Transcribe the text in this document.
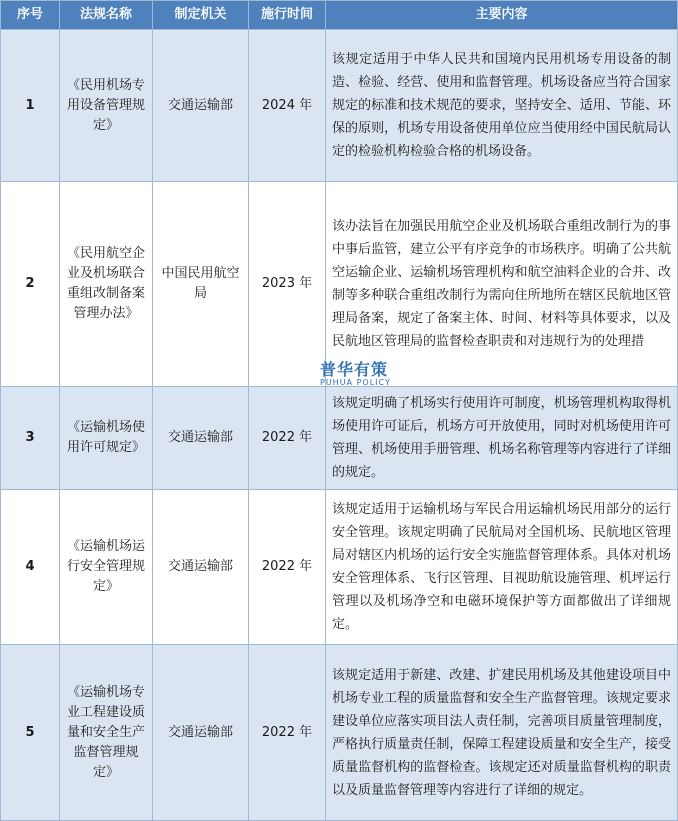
序号	法规名称	制定机关	施行时间	主要内容
1	《民用机场专用设备管理规定》	交通运输部	2024 年	该规定适用于中华人民共和国境内民用机场专用设备的制造、检验、经营、使用和监督管理。机场设备应当符合国家规定的标准和技术规范的要求，坚持安全、适用、节能、环保的原则，机场专用设备使用单位应当使用经中国民航局认定的检验机构检验合格的机场设备。
2	《民用航空企业及机场联合重组改制备案管理办法》	中国民用航空局	2023 年	该办法旨在加强民用航空企业及机场联合重组改制行为的事中事后监管，建立公平有序竞争的市场秩序。明确了公共航空运输企业、运输机场管理机构和航空油料企业的合并、改制等多种联合重组改制行为需向住所地所在辖区民航地区管理局备案，规定了备案主体、时间、材料等具体要求，以及民航地区管理局的监督检查职责和对违规行为的处理措
3	《运输机场使用许可规定》	交通运输部	2022 年	该规定明确了机场实行使用许可制度，机场管理机构取得机场使用许可证后，机场方可开放使用，同时对机场使用许可管理、机场使用手册管理、机场名称管理等内容进行了详细的规定。
4	《运输机场运行安全管理规定》	交通运输部	2022 年	该规定适用于运输机场与军民合用运输机场民用部分的运行安全管理。该规定明确了民航局对全国机场、民航地区管理局对辖区内机场的运行安全实施监督管理体系。具体对机场安全管理体系、飞行区管理、目视助航设施管理、机坪运行管理以及机场净空和电磁环境保护等方面都做出了详细规定。
5	《运输机场专业工程建设质量和安全生产监督管理规定》	交通运输部	2022 年	该规定适用于新建、改建、扩建民用机场及其他建设项目中机场专业工程的质量监督和安全生产监督管理。该规定要求建设单位应落实项目法人责任制，完善项目质量管理制度，严格执行质量责任制，保障工程建设质量和安全生产，接受质量监督机构的监督检查。该规定还对质量监督机构的职责以及质量监督管理等内容进行了详细的规定。
普华有策
PUHUA POLICY
